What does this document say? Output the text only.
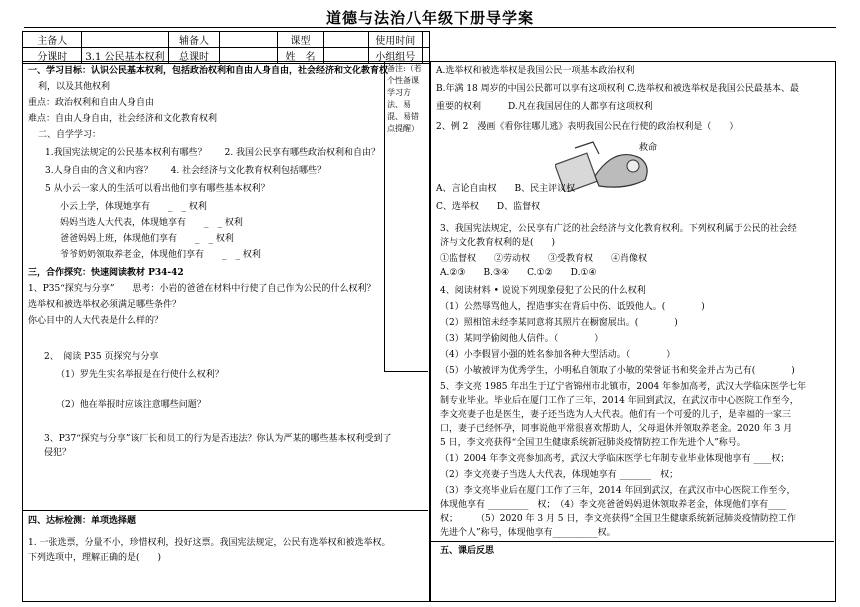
道德与法治八年级下册导学案
主备人		辅备人		课型		使用时间	
分课时	3.1 公民基本权利	总课时		姓　名		小组组号	
备注:（若个性备课学习方法、易混、易错点提醒）
一、学习目标：认识公民基本权利，包括政治权利和自由人身自由，社会经济和文化教育权
利，以及其他权利
重点：政治权利和自由人身自由
难点：自由人身自由，社会经济和文化教育权利
二、自学学习：
1.我国宪法规定的公民基本权利有哪些？　　2. 我国公民享有哪些政治权利和自由？
3.人身自由的含义和内容？　　4. 社会经济与文化教育权利包括哪些？
5 从小云一家人的生活可以看出他们享有哪些基本权利？
小云上学，体现她享有　　_　_ 权利
妈妈当选人大代表，体现她享有　　_　_ 权利
爸爸妈妈上班，体现他们享有　　_　_ 权利
爷爷奶奶领取养老金，体现他们享有　　_　_ 权利
三，合作探究：快速阅读教材 P34-42
1、P35“探究与分享”　　思考：小岩的爸爸在材料中行使了自己作为公民的什么权利？
选举权和被选举权必须满足哪些条件？
你心目中的人大代表是什么样的？
2、　阅读 P35 页探究与分享
（1）罗先生实名举报是在行使什么权利？
（2）他在举报时应该注意哪些问题？
3、P37“探究与分享”该厂长和员工的行为是否违法？你认为严某的哪些基本权利受到了
侵犯？
四、达标检测：单项选择题
1. 一张选票，分量不小，珍惜权利，投好这票。我国宪法规定，公民有选举权和被选举权。
下列选项中，理解正确的是(　　)
A.选举权和被选举权是我国公民一项基本政治权利
B.年满 18 周岁的中国公民都可以享有这项权利 C.选举权和被选举权是我国公民最基本、最
重要的权利　　　D.凡在我国居住的人都享有这项权利
2、例 2　漫画《看你往哪儿逃》表明我国公民在行使的政治权利是（　　）
救命
A、言论自由权　　B、民主评议权
C、选举权　　D、监督权
3、我国宪法规定，公民享有广泛的社会经济与文化教育权利。下列权利属于公民的社会经
济与文化教育权利的是(　　)
①监督权　　②劳动权　　③受教育权　　④肖像权
A.②③　　B.③④　　C.①②　　D.①④
4、阅读材料 • 说说下列现象侵犯了公民的什么权利
（1）公然辱骂他人，捏造事实在背后中伤、诋毁他人。(　　　　)
（2）照相馆未经李某同意将其照片在橱窗展出。(　　　　)
（3）某同学偷阅他人信件。（　　　　）
（4）小李假冒小强的姓名参加各种大型活动。（　　　　）
（5）小敏被评为优秀学生，小明私自领取了小敏的荣誉证书和奖金并占为己有(　　　　)
5、李文亮 1985 年出生于辽宁省锦州市北镇市，2004 年参加高考，武汉大学临床医学七年
制专业毕业。毕业后在厦门工作了三年，2014 年回到武汉，在武汉市中心医院工作至今，
李文亮妻子也是医生，妻子还当选为人大代表。他们有一个可爱的儿子，是幸福的一家三
口，妻子已经怀孕，同事说他平常很喜欢帮助人，父母退休并领取养老金。2020 年 3 月
5 日，李文亮获得“全国卫生健康系统新冠肺炎疫情防控工作先进个人”称号。
（1）2004 年李文亮参加高考，武汉大学临床医学七年制专业毕业体现他享有 ____权；
（2）李文亮妻子当选人大代表，体现她享有 _______　权；
（3）李文亮毕业后在厦门工作了三年，2014 年回到武汉，在武汉市中心医院工作至今，
体现他享有 _________　权；　（4）李文亮爸爸妈妈退休领取养老金，体现他们享有____
权；　　　（5）2020 年 3 月 5 日，李文亮获得“全国卫生健康系统新冠肺炎疫情防控工作
先进个人”称号，体现他享有__________权。
五、课后反思
